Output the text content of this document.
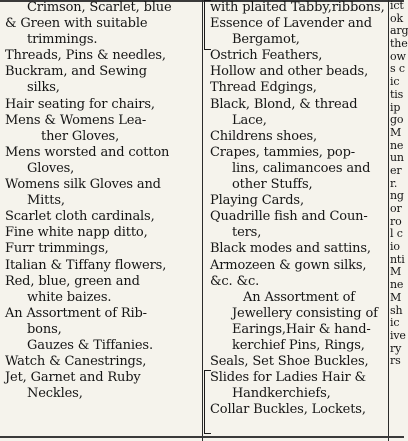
Crimson, Scarlet, blue
& Green with suitable
trimmings.
Threads, Pins & needles,
Buckram, and Sewing
silks,
Hair seating for chairs,
Mens & Womens Lea-
ther Gloves,
Mens worsted and cotton
Gloves,
Womens silk Gloves and
Mitts,
Scarlet cloth cardinals,
Fine white napp ditto,
Furr trimmings,
Italian & Tiffany flowers,
Red, blue, green and
white baizes.
An Assortment of Rib-
bons,
Gauzes & Tiffanies.
Watch & Canestrings,
Jet, Garnet and Ruby
Neckles,
with plaited Tabby,ribbons,
Essence of Lavender and
Bergamot,
Ostrich Feathers,
Hollow and other beads,
Thread Edgings,
Black, Blond, & thread
Lace,
Childrens shoes,
Crapes, tammies, pop-
lins, calimancoes and
other Stuffs,
Playing Cards,
Quadrille fish and Coun-
ters,
Black modes and sattins,
Armozeen & gown silks,
&c. &c.
An Assortment of
Jewellery consisting of
Earings,Hair & hand-
kerchief Pins, Rings,
Seals, Set Shoe Buckles,
Slides for Ladies Hair &
Handkerchiefs,
Collar Buckles, Lockets,
ict
ok
arg
the
ow
s c
ic
tis
ip
go
M
ne
un
er
r.
ng
or
ro
l c
io
nti
M
ne
M
sh
ic
ive
ry
rs
